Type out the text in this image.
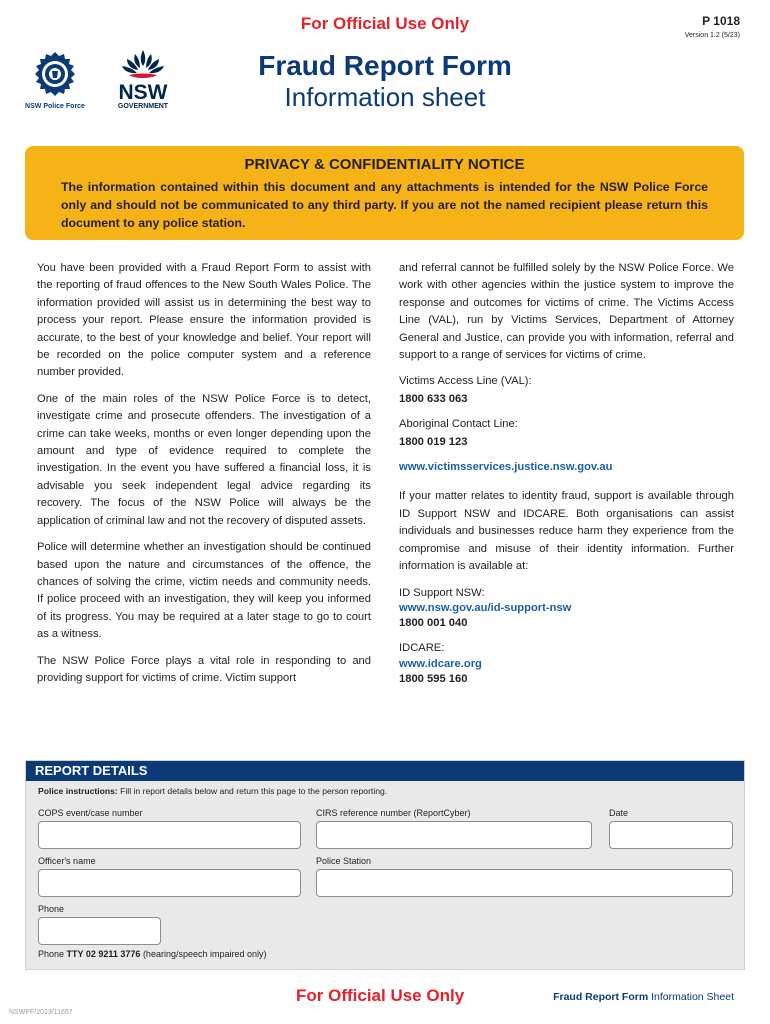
For Official Use Only	P 1018
Version 1.2 (5/23)
NSW Police Force
NSW
GOVERNMENT
Fraud Report Form
Information sheet
PRIVACY & CONFIDENTIALITY NOTICE
The information contained within this document and any attachments is intended for the NSW Police Force only and should not be communicated to any third party. If you are not the named recipient please return this document to any police station.

You have been provided with a Fraud Report Form to assist with the reporting of fraud offences to the New South Wales Police. The information provided will assist us in determining the best way to process your report. Please ensure the information provided is accurate, to the best of your knowledge and belief. Your report will be recorded on the police computer system and a reference number provided.

One of the main roles of the NSW Police Force is to detect, investigate crime and prosecute offenders. The investigation of a crime can take weeks, months or even longer depending upon the amount and type of evidence required to complete the investigation. In the event you have suffered a financial loss, it is advisable you seek independent legal advice regarding its recovery. The focus of the NSW Police will always be the application of criminal law and not the recovery of disputed assets.

Police will determine whether an investigation should be continued based upon the nature and circumstances of the offence, the chances of solving the crime, victim needs and community needs. If police proceed with an investigation, they will keep you informed of its progress. You may be required at a later stage to go to court as a witness.

The NSW Police Force plays a vital role in responding to and providing support for victims of crime. Victim support

and referral cannot be fulfilled solely by the NSW Police Force. We work with other agencies within the justice system to improve the response and outcomes for victims of crime. The Victims Access Line (VAL), run by Victims Services, Department of Attorney General and Justice, can provide you with information, referral and support to a range of services for victims of crime.

Victims Access Line (VAL):
1800 633 063
Aboriginal Contact Line:
1800 019 123
www.victimsservices.justice.nsw.gov.au

If your matter relates to identity fraud, support is available through ID Support NSW and IDCARE. Both organisations can assist individuals and businesses reduce harm they experience from the compromise and misuse of their identity information. Further information is available at:

ID Support NSW:
www.nsw.gov.au/id-support-nsw
1800 001 040
IDCARE:
www.idcare.org
1800 595 160
REPORT DETAILS
Police instructions: Fill in report details below and return this page to the person reporting.
COPS event/case number	CIRS reference number (ReportCyber)	Date
Officer's name	Police Station
Phone
Phone TTY 02 9211 3776 (hearing/speech impaired only)
For Official Use Only	Fraud Report Form Information Sheet
NSWPF/2023/11657
